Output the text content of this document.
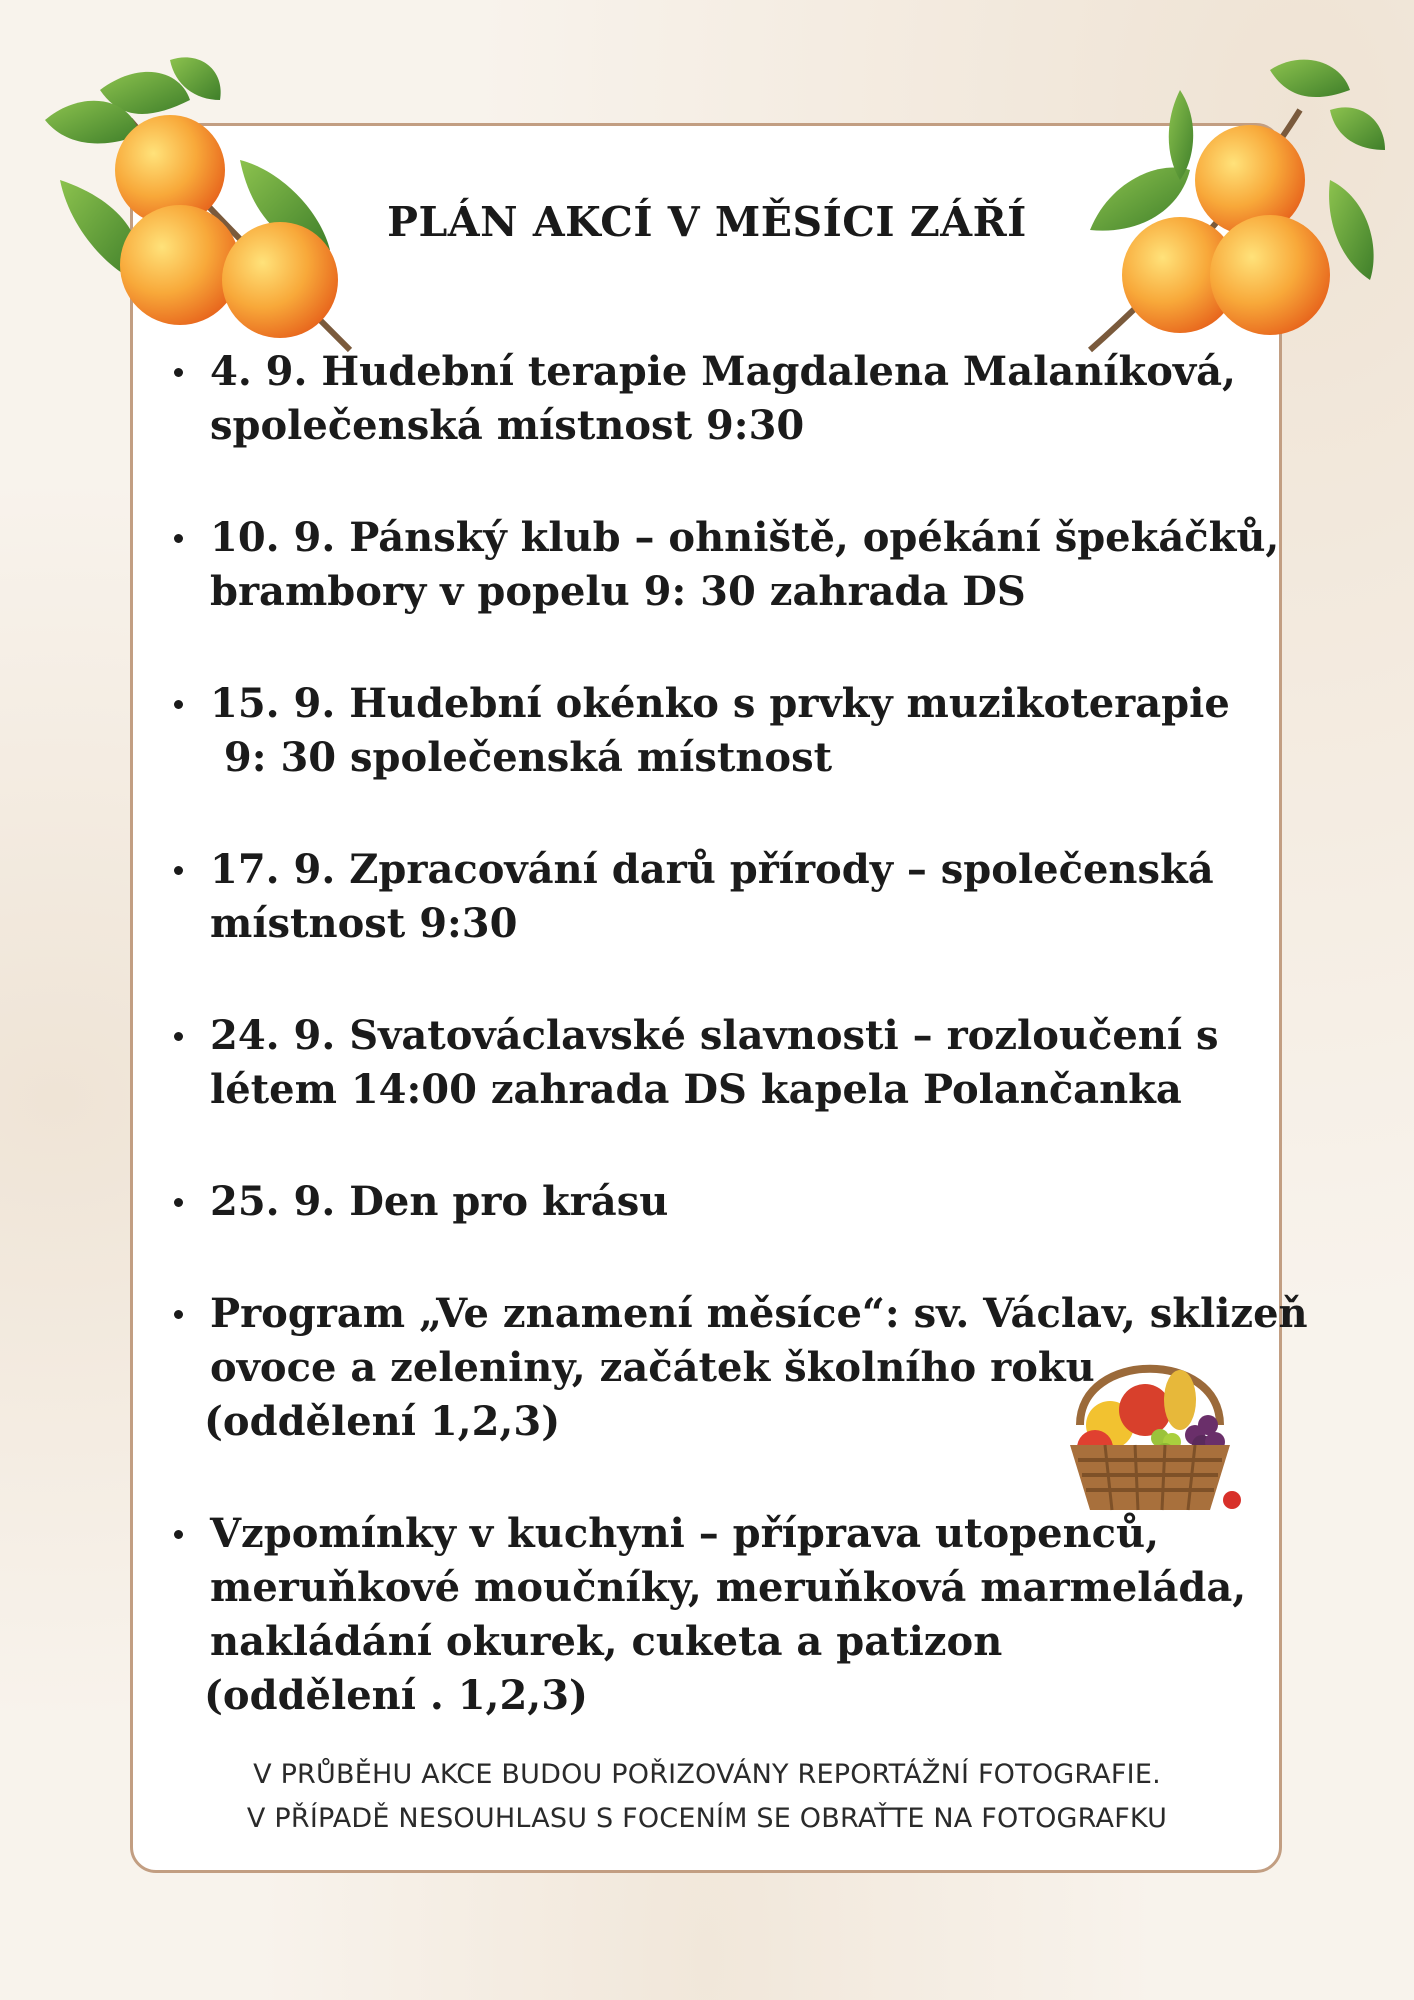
PLÁN AKCÍ V MĚSÍCI ZÁŘÍ
4. 9. Hudební terapie Magdalena Malaníková,
společenská místnost 9:30
10. 9. Pánský klub – ohniště, opékání špekáčků,
brambory v popelu 9: 30 zahrada DS
15. 9. Hudební okénko s prvky muzikoterapie
9: 30 společenská místnost
17. 9. Zpracování darů přírody – společenská
místnost 9:30
24. 9. Svatováclavské slavnosti – rozloučení s
létem 14:00 zahrada DS kapela Polančanka
25. 9. Den pro krásu
Program „Ve znamení měsíce“: sv. Václav, sklizeň
ovoce a zeleniny, začátek školního roku
(oddělení 1,2,3)
Vzpomínky v kuchyni – příprava utopenců,
meruňkové moučníky, meruňková marmeláda,
nakládání okurek, cuketa a patizon
(oddělení . 1,2,3)
V PRŮBĚHU AKCE BUDOU POŘIZOVÁNY REPORTÁŽNÍ FOTOGRAFIE.
V PŘÍPADĚ NESOUHLASU S FOCENÍM SE OBRAŤTE NA FOTOGRAFKU
